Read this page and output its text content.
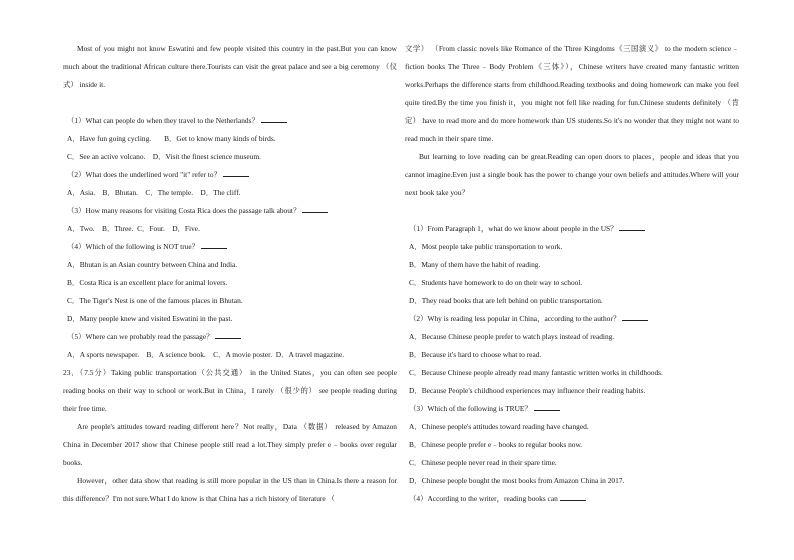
Most of you might not know Eswatini and few people visited this country in the past.But you can know much about the traditional African culture there.Tourists can visit the great palace and see a big ceremony （仪式） inside it.

（1）What can people do when they travel to the Netherlands？

A．Have fun going cycling. B．Get to know many kinds of birds.

C．See an active volcano. D．Visit the finest science museum.

（2）What does the underlined word "it" refer to？

A．Asia.    B．Bhutan.    C．The temple.    D．The cliff.

（3）How many reasons for visiting Costa Rica does the passage talk about？

A．Two.    B．Three.  C．Four.    D．Five.

（4）Which of the following is NOT true？

A．Bhutan is an Asian country between China and India.

B．Costa Rica is an excellent place for animal lovers.

C．The Tiger's Nest is one of the famous places in Bhutan.

D．Many people knew and visited Eswatini in the past.

（5）Where can we probably read the passage？

A．A sports newspaper.    B．A science book.    C．A movie poster.  D．A travel magazine.

23．（7.5分）Taking public transportation（公共交通） in the United States，you can often see people reading books on their way to school or work.But in China，I rarely （很少的） see people reading during their free time.

Are people's attitudes toward reading different here？Not really，Data （数据） released by Amazon China in December 2017 show that Chinese people still read a lot.They simply prefer e﹣books over regular books.

However，other data show that reading is still more popular in the US than in China.Is there a reason for this difference？I'm not sure.What I do know is that China has a rich history of literature （

文学） （From classic novels like Romance of the Three Kingdoms《三国演义》 to the modern science﹣fiction books The Three﹣Body Problem《三体》），Chinese writers have created many fantastic written works.Perhaps the difference starts from childhood.Reading textbooks and doing homework can make you feel quite tired.By the time you finish it，you might not fell like reading for fun.Chinese students definitely （肯定） have to read more and do more homework than US students.So it's no wonder that they might not want to read much in their spare time.

But learning to love reading can be great.Reading can open doors to places，people and ideas that you cannot imagine.Even just a single book has the power to change your own beliefs and attitudes.Where will your next book take you？

（1）From Paragraph 1，what do we know about people in the US？

A．Most people take public transportation to work.

B．Many of them have the habit of reading.

C．Students have homework to do on their way to school.

D．They read books that are left behind on public transportation.

（2）Why is reading less popular in China，according to the author？

A．Because Chinese people prefer to watch plays instead of reading.

B．Because it's hard to choose what to read.

C．Because Chinese people already read many fantastic written works in childhoods.

D．Because People's childhood experiences may influence their reading habits.

（3）Which of the following is TRUE？

A．Chinese people's attitudes toward reading have changed.

B．Chinese people prefer e﹣books to regular books now.

C．Chinese people never read in their spare time.

D．Chinese people bought the most books from Amazon China in 2017.

（4）According to the writer，reading books can
